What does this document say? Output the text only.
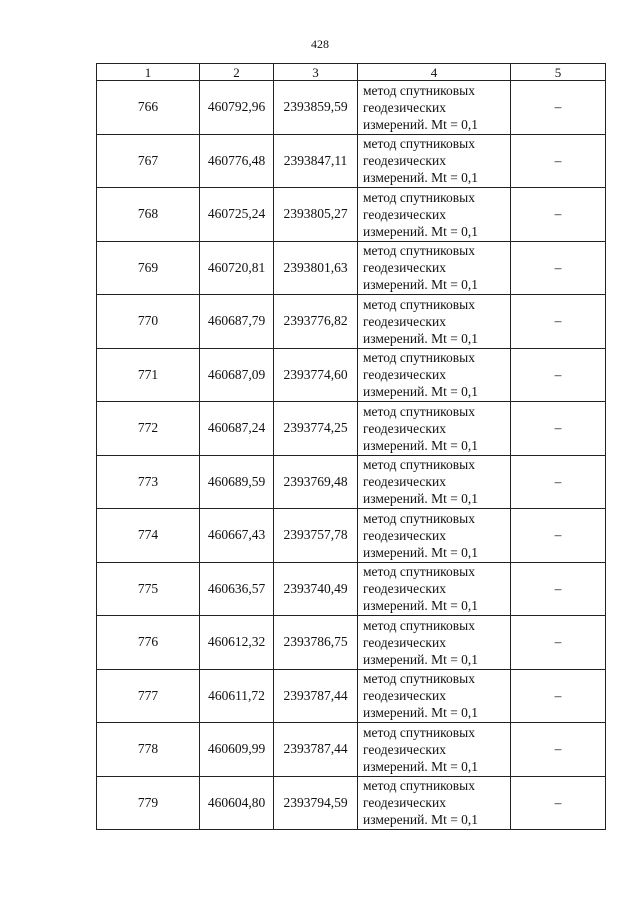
428
1	2	3	4	5
766	460792,96	2393859,59	метод спутниковых
геодезических
измерений. Mt = 0,1	–
767	460776,48	2393847,11	метод спутниковых
геодезических
измерений. Mt = 0,1	–
768	460725,24	2393805,27	метод спутниковых
геодезических
измерений. Mt = 0,1	–
769	460720,81	2393801,63	метод спутниковых
геодезических
измерений. Mt = 0,1	–
770	460687,79	2393776,82	метод спутниковых
геодезических
измерений. Mt = 0,1	–
771	460687,09	2393774,60	метод спутниковых
геодезических
измерений. Mt = 0,1	–
772	460687,24	2393774,25	метод спутниковых
геодезических
измерений. Mt = 0,1	–
773	460689,59	2393769,48	метод спутниковых
геодезических
измерений. Mt = 0,1	–
774	460667,43	2393757,78	метод спутниковых
геодезических
измерений. Mt = 0,1	–
775	460636,57	2393740,49	метод спутниковых
геодезических
измерений. Mt = 0,1	–
776	460612,32	2393786,75	метод спутниковых
геодезических
измерений. Mt = 0,1	–
777	460611,72	2393787,44	метод спутниковых
геодезических
измерений. Mt = 0,1	–
778	460609,99	2393787,44	метод спутниковых
геодезических
измерений. Mt = 0,1	–
779	460604,80	2393794,59	метод спутниковых
геодезических
измерений. Mt = 0,1	–
